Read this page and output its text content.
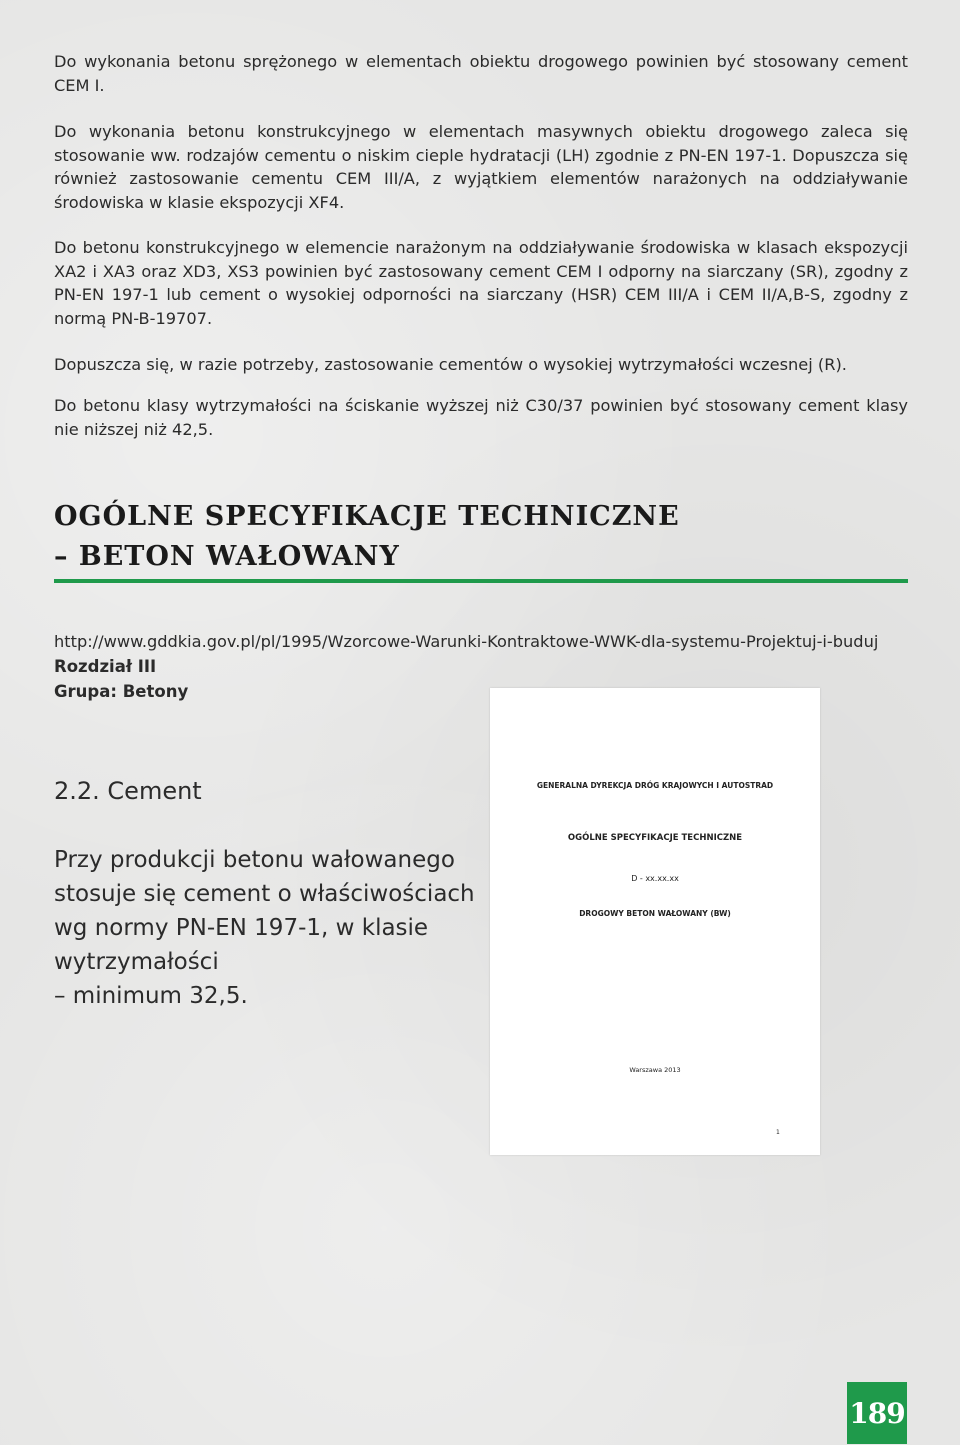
Do wykonania betonu sprężonego w elementach obiektu drogowego powinien być stosowany cement CEM I.

Do wykonania betonu konstrukcyjnego w elementach masywnych obiektu drogowego zaleca się stosowanie ww. rodzajów cementu o niskim cieple hydratacji (LH) zgodnie z PN-EN 197-1. Dopuszcza się również zastosowanie cementu CEM III/A, z wyjątkiem elementów narażonych na oddziaływanie środowiska w klasie ekspozycji XF4.

Do betonu konstrukcyjnego w elemencie narażonym na oddziaływanie środowiska w klasach ekspozycji XA2 i XA3 oraz XD3, XS3 powinien być zastosowany cement CEM I odporny na siarczany (SR), zgodny z PN-EN 197-1 lub cement o wysokiej odporności na siarczany (HSR) CEM III/A i CEM II/A,B-S, zgodny z normą PN-B-19707.

Dopuszcza się, w razie potrzeby, zastosowanie cementów o wysokiej wytrzymałości wczesnej (R).

Do betonu klasy wytrzymałości na ściskanie wyższej niż C30/37 powinien być stosowany cement klasy nie niższej niż 42,5.

OGÓLNE SPECYFIKACJE TECHNICZNE
– BETON WAŁOWANY
http://www.gddkia.gov.pl/pl/1995/Wzorcowe-Warunki-Kontraktowe-WWK-dla-systemu-Projektuj-i-buduj
Rozdział III
Grupa: Betony
2.2. Cement
Przy produkcji betonu wałowanego
stosuje się cement o właściwościach
wg normy PN-EN 197-1, w klasie
wytrzymałości
– minimum 32,5.
GENERALNA DYREKCJA DRÓG KRAJOWYCH I AUTOSTRAD
OGÓLNE SPECYFIKACJE TECHNICZNE
D - xx.xx.xx
DROGOWY BETON WAŁOWANY (BW)
Warszawa 2013
1
189
